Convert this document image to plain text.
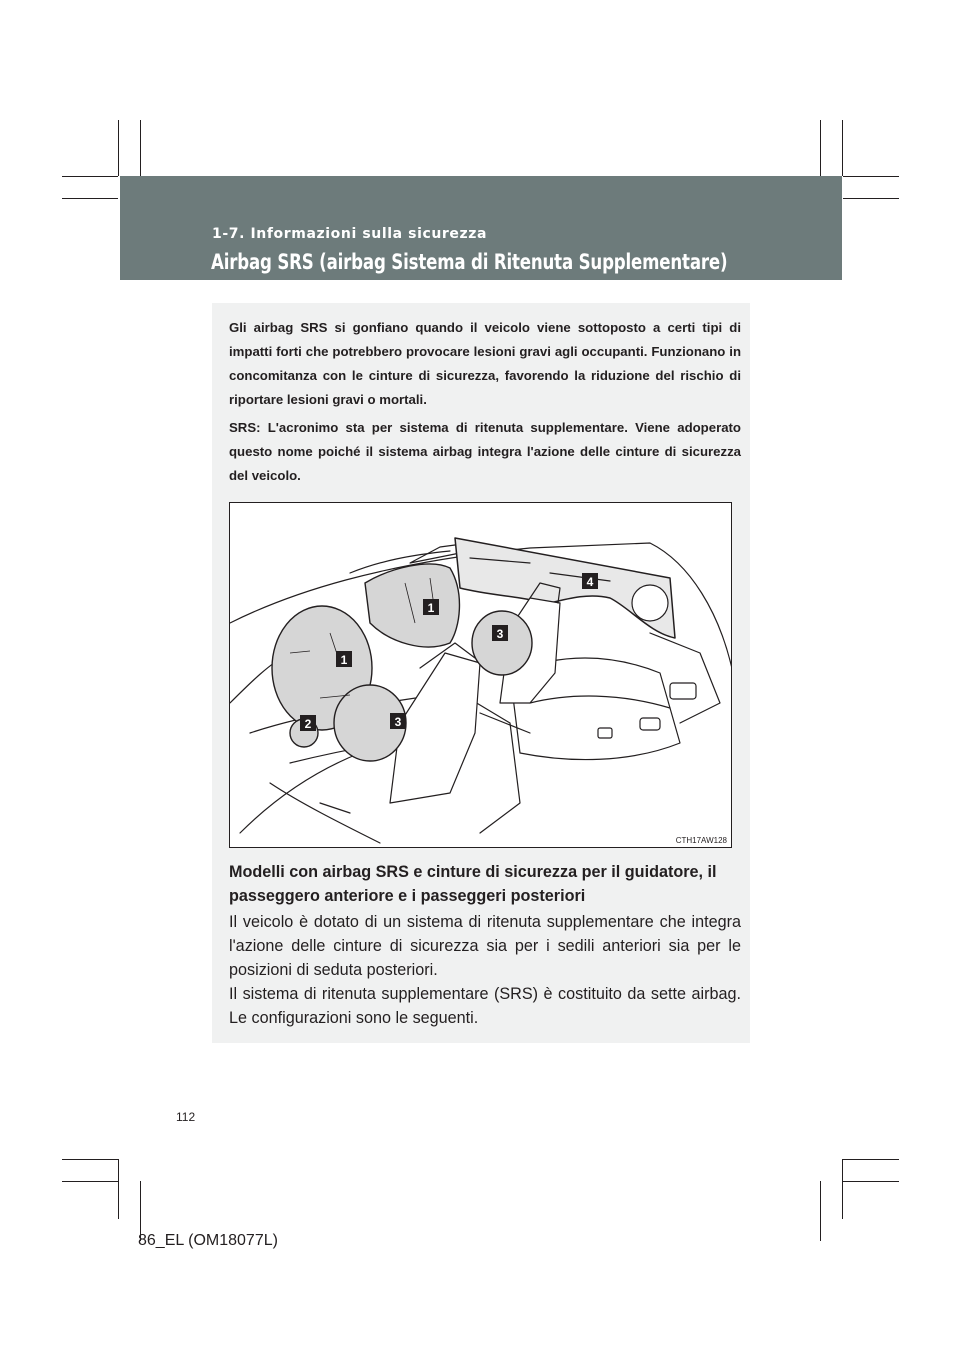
1-7. Informazioni sulla sicurezza
Airbag SRS (airbag Sistema di Ritenuta Supplementare)

Gli airbag SRS si gonfiano quando il veicolo viene sottoposto a certi tipi di impatti forti che potrebbero provocare lesioni gravi agli occupanti. Funzionano in concomitanza con le cinture di sicurezza, favorendo la riduzione del rischio di riportare lesioni gravi o mortali.

SRS: L'acronimo sta per sistema di ritenuta supplementare. Viene adoperato questo nome poiché il sistema airbag integra l'azione delle cinture di sicurezza del veicolo.

1
1
2	3
3
4
CTH17AW128

Modelli con airbag SRS e cinture di sicurezza per il guidatore, il passeggero anteriore e i passeggeri posteriori

Il veicolo è dotato di un sistema di ritenuta supplementare che integra l'azione delle cinture di sicurezza sia per i sedili anteriori sia per le posizioni di seduta posteriori.
Il sistema di ritenuta supplementare (SRS) è costituito da sette airbag. Le configurazioni sono le seguenti.
112
86_EL (OM18077L)
